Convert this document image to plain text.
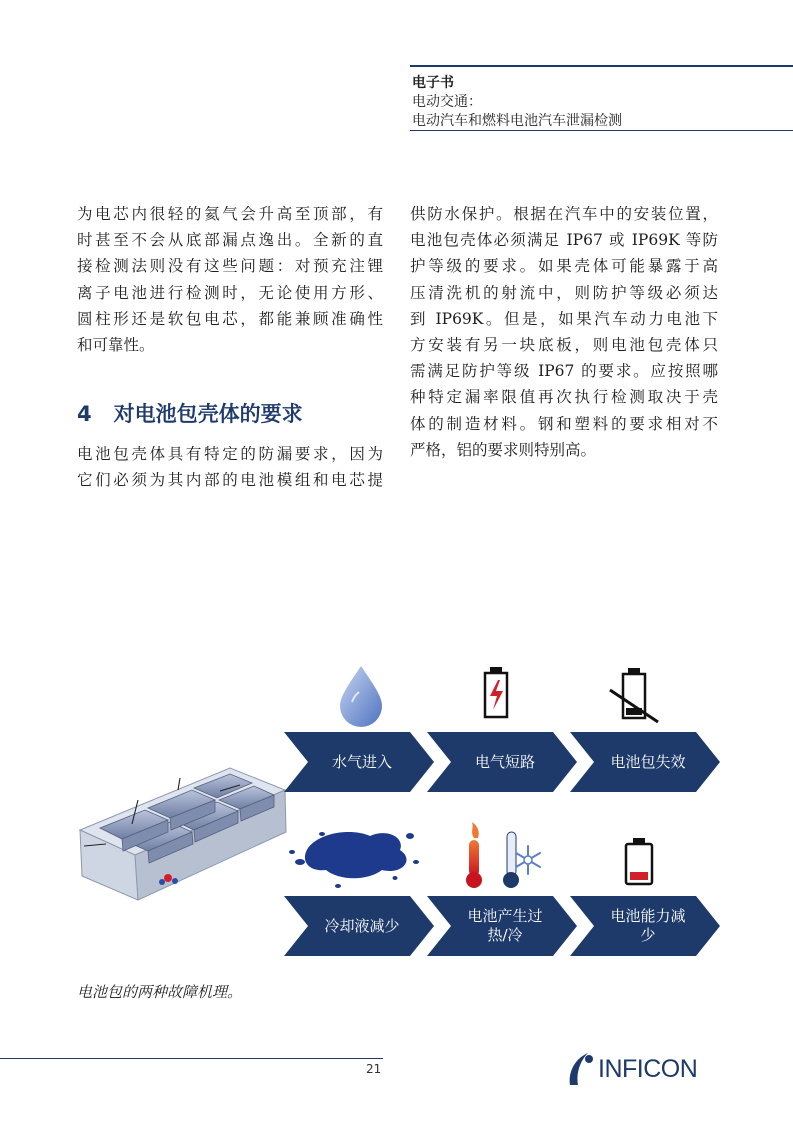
电子书
电动交通：
电动汽车和燃料电池汽车泄漏检测

为电芯内很轻的氦气会升高至顶部，有
时甚至不会从底部漏点逸出。全新的直
接检测法则没有这些问题：对预充注锂
离子电池进行检测时，无论使用方形、
圆柱形还是软包电芯，都能兼顾准确性
和可靠性。

4 对电池包壳体的要求

电池包壳体具有特定的防漏要求，因为
它们必须为其内部的电池模组和电芯提

供防水保护。根据在汽车中的安装位置，
电池包壳体必须满足 IP67 或 IP69K 等防
护等级的要求。如果壳体可能暴露于高
压清洗机的射流中，则防护等级必须达
到 IP69K。但是，如果汽车动力电池下
方安装有另一块底板，则电池包壳体只
需满足防护等级 IP67 的要求。应按照哪
种特定漏率限值再次执行检测取决于壳
体的制造材料。钢和塑料的要求相对不
严格，铝的要求则特别高。

水气进入	电气短路	电池包失效
冷却液减少
电池产生过
热/冷
电池能力减
少
电池包的两种故障机理。
21	INFICON
